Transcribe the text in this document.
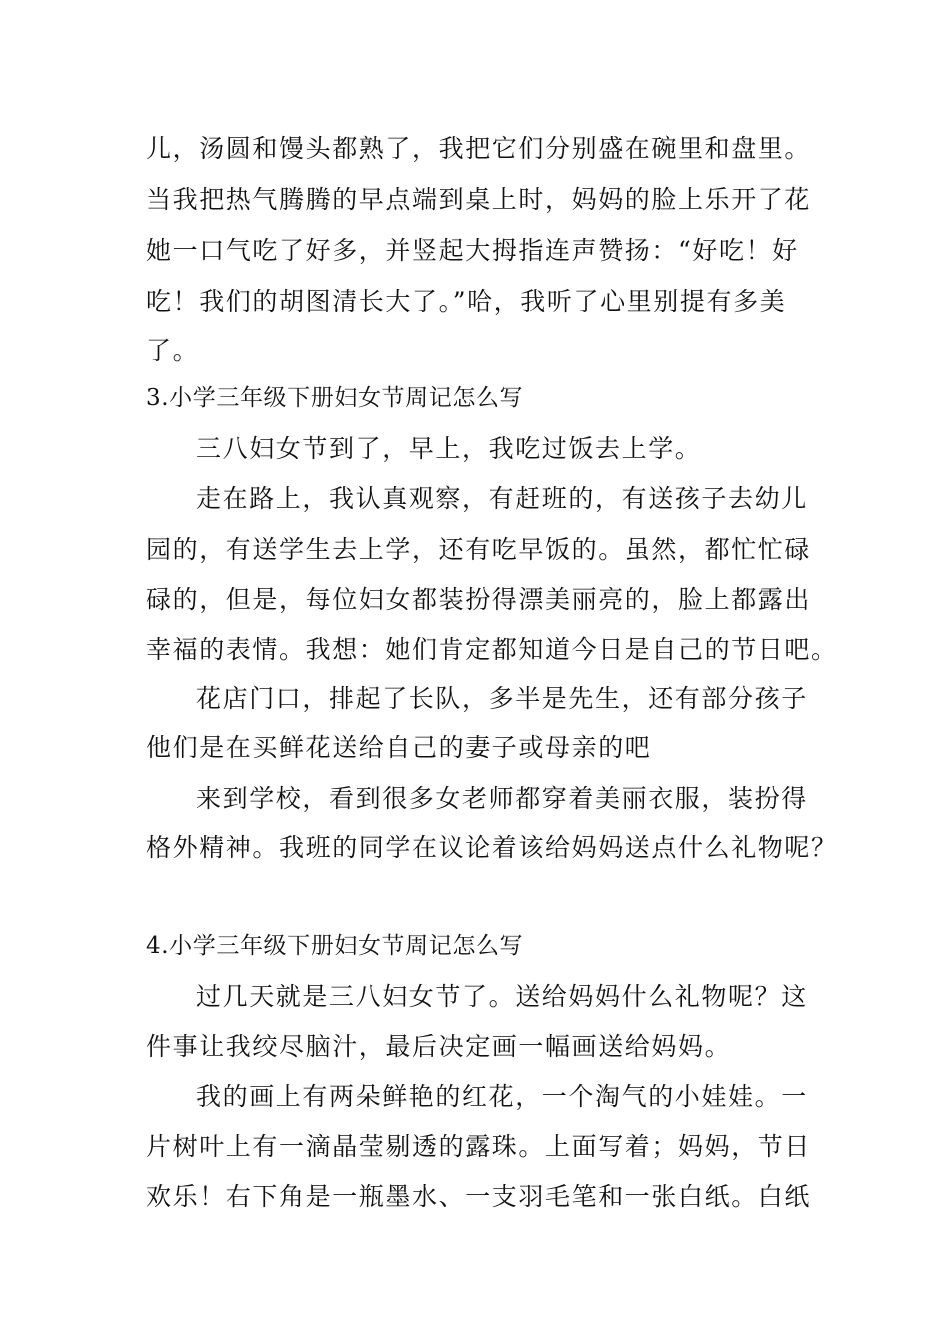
儿，汤圆和馒头都熟了，我把它们分别盛在碗里和盘里。
当我把热气腾腾的早点端到桌上时，妈妈的脸上乐开了花
她一口气吃了好多，并竖起大拇指连声赞扬：“好吃！好
吃！我们的胡图清长大了。”哈，我听了心里别提有多美
了。
3.小学三年级下册妇女节周记怎么写
三八妇女节到了，早上，我吃过饭去上学。
走在路上，我认真观察，有赶班的，有送孩子去幼儿
园的，有送学生去上学，还有吃早饭的。虽然，都忙忙碌
碌的，但是，每位妇女都装扮得漂美丽亮的，脸上都露出
幸福的表情。我想：她们肯定都知道今日是自己的节日吧。
花店门口，排起了长队，多半是先生，还有部分孩子
他们是在买鲜花送给自己的妻子或母亲的吧
来到学校，看到很多女老师都穿着美丽衣服，装扮得
格外精神。我班的同学在议论着该给妈妈送点什么礼物呢？
4.小学三年级下册妇女节周记怎么写
过几天就是三八妇女节了。送给妈妈什么礼物呢？这
件事让我绞尽脑汁，最后决定画一幅画送给妈妈。
我的画上有两朵鲜艳的红花，一个淘气的小娃娃。一
片树叶上有一滴晶莹剔透的露珠。上面写着；妈妈，节日
欢乐！右下角是一瓶墨水、一支羽毛笔和一张白纸。白纸
